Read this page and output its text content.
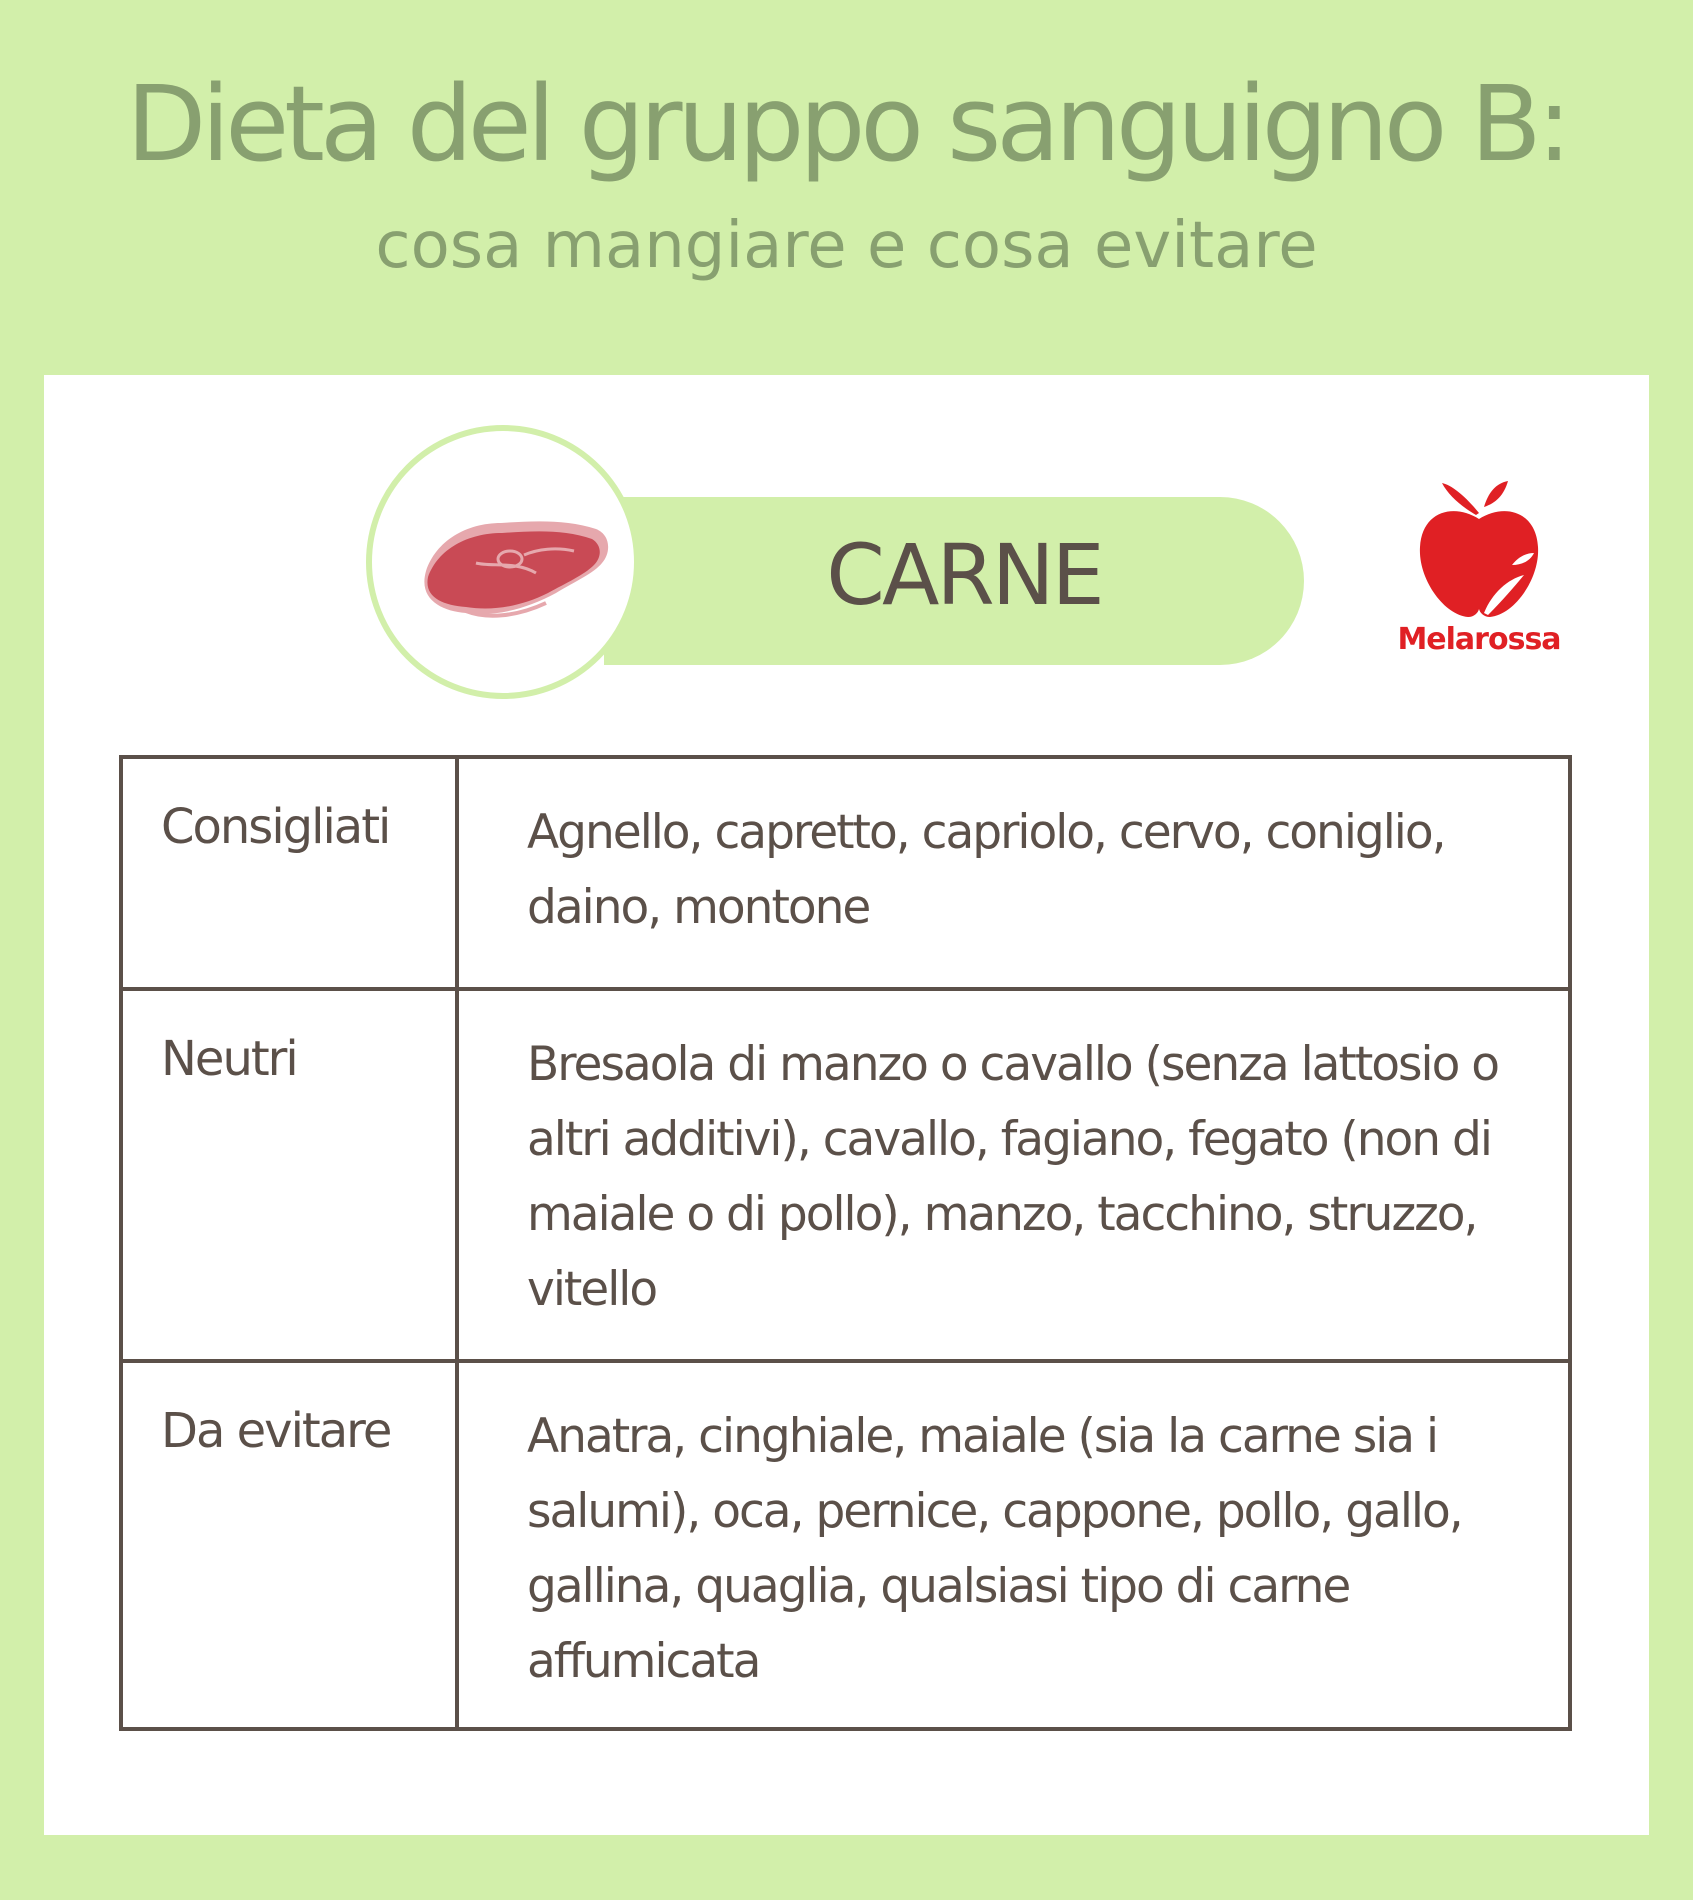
Dieta del gruppo sanguigno B:
cosa mangiare e cosa evitare
CARNE
Melarossa
Consigliati	Agnello, capretto, capriolo, cervo, coniglio, daino, montone
Neutri	Bresaola di manzo o cavallo (senza lattosio o altri additivi), cavallo, fagiano, fegato (non di maiale o di pollo), manzo, tacchino, struzzo, vitello
Da evitare	Anatra, cinghiale, maiale (sia la carne sia i salumi), oca, pernice, cappone, pollo, gallo, gallina, quaglia, qualsiasi tipo di carne affumicata
